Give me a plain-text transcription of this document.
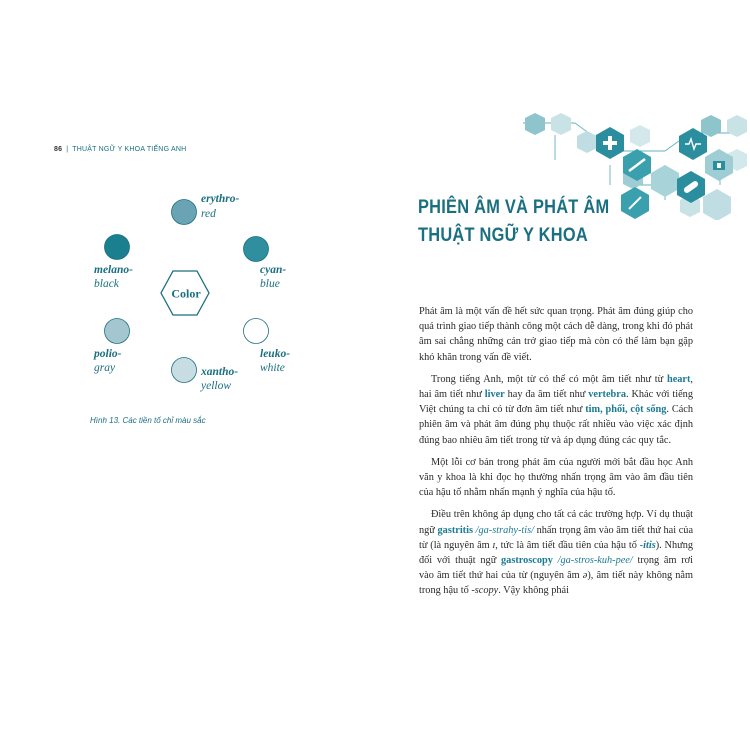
86 | THUẬT NGỮ Y KHOA TIẾNG ANH
Color
erythro-
red
cyan-
blue
leuko-
white
xantho-
yellow
polio-
gray
melano-
black
Hình 13. Các tiền tố chỉ màu sắc
PHIÊN ÂM VÀ PHÁT ÂM
THUẬT NGỮ Y KHOA

Phát âm là một vấn đề hết sức quan trọng. Phát âm đúng giúp cho quá trình giao tiếp thành công một cách dễ dàng, trong khi đó phát âm sai chẳng những cản trở giao tiếp mà còn có thể làm bạn gặp khó khăn trong vấn đề viết.

Trong tiếng Anh, một từ có thể có một âm tiết như từ heart, hai âm tiết như liver hay đa âm tiết như vertebra. Khác với tiếng Việt chúng ta chỉ có từ đơn âm tiết như tim, phổi, cột sống. Cách phiên âm và phát âm đúng phụ thuộc rất nhiều vào việc xác định đúng bao nhiêu âm tiết trong từ và áp dụng đúng các quy tắc.

Một lỗi cơ bản trong phát âm của người mới bắt đầu học Anh văn y khoa là khi đọc họ thường nhấn trọng âm vào âm đầu tiên của hậu tố nhằm nhấn mạnh ý nghĩa của hậu tố.

Điều trên không áp dụng cho tất cả các trường hợp. Ví dụ thuật ngữ gastritis /ga-strahy-tis/ nhấn trọng âm vào âm tiết thứ hai của từ (là nguyên âm ɪ, tức là âm tiết đầu tiên của hậu tố -itis). Nhưng đối với thuật ngữ gastroscopy /ga-stros-kuh-pee/ trọng âm rơi vào âm tiết thứ hai của từ (nguyên âm ə), âm tiết này không nằm trong hậu tố -scopy. Vậy không phải
